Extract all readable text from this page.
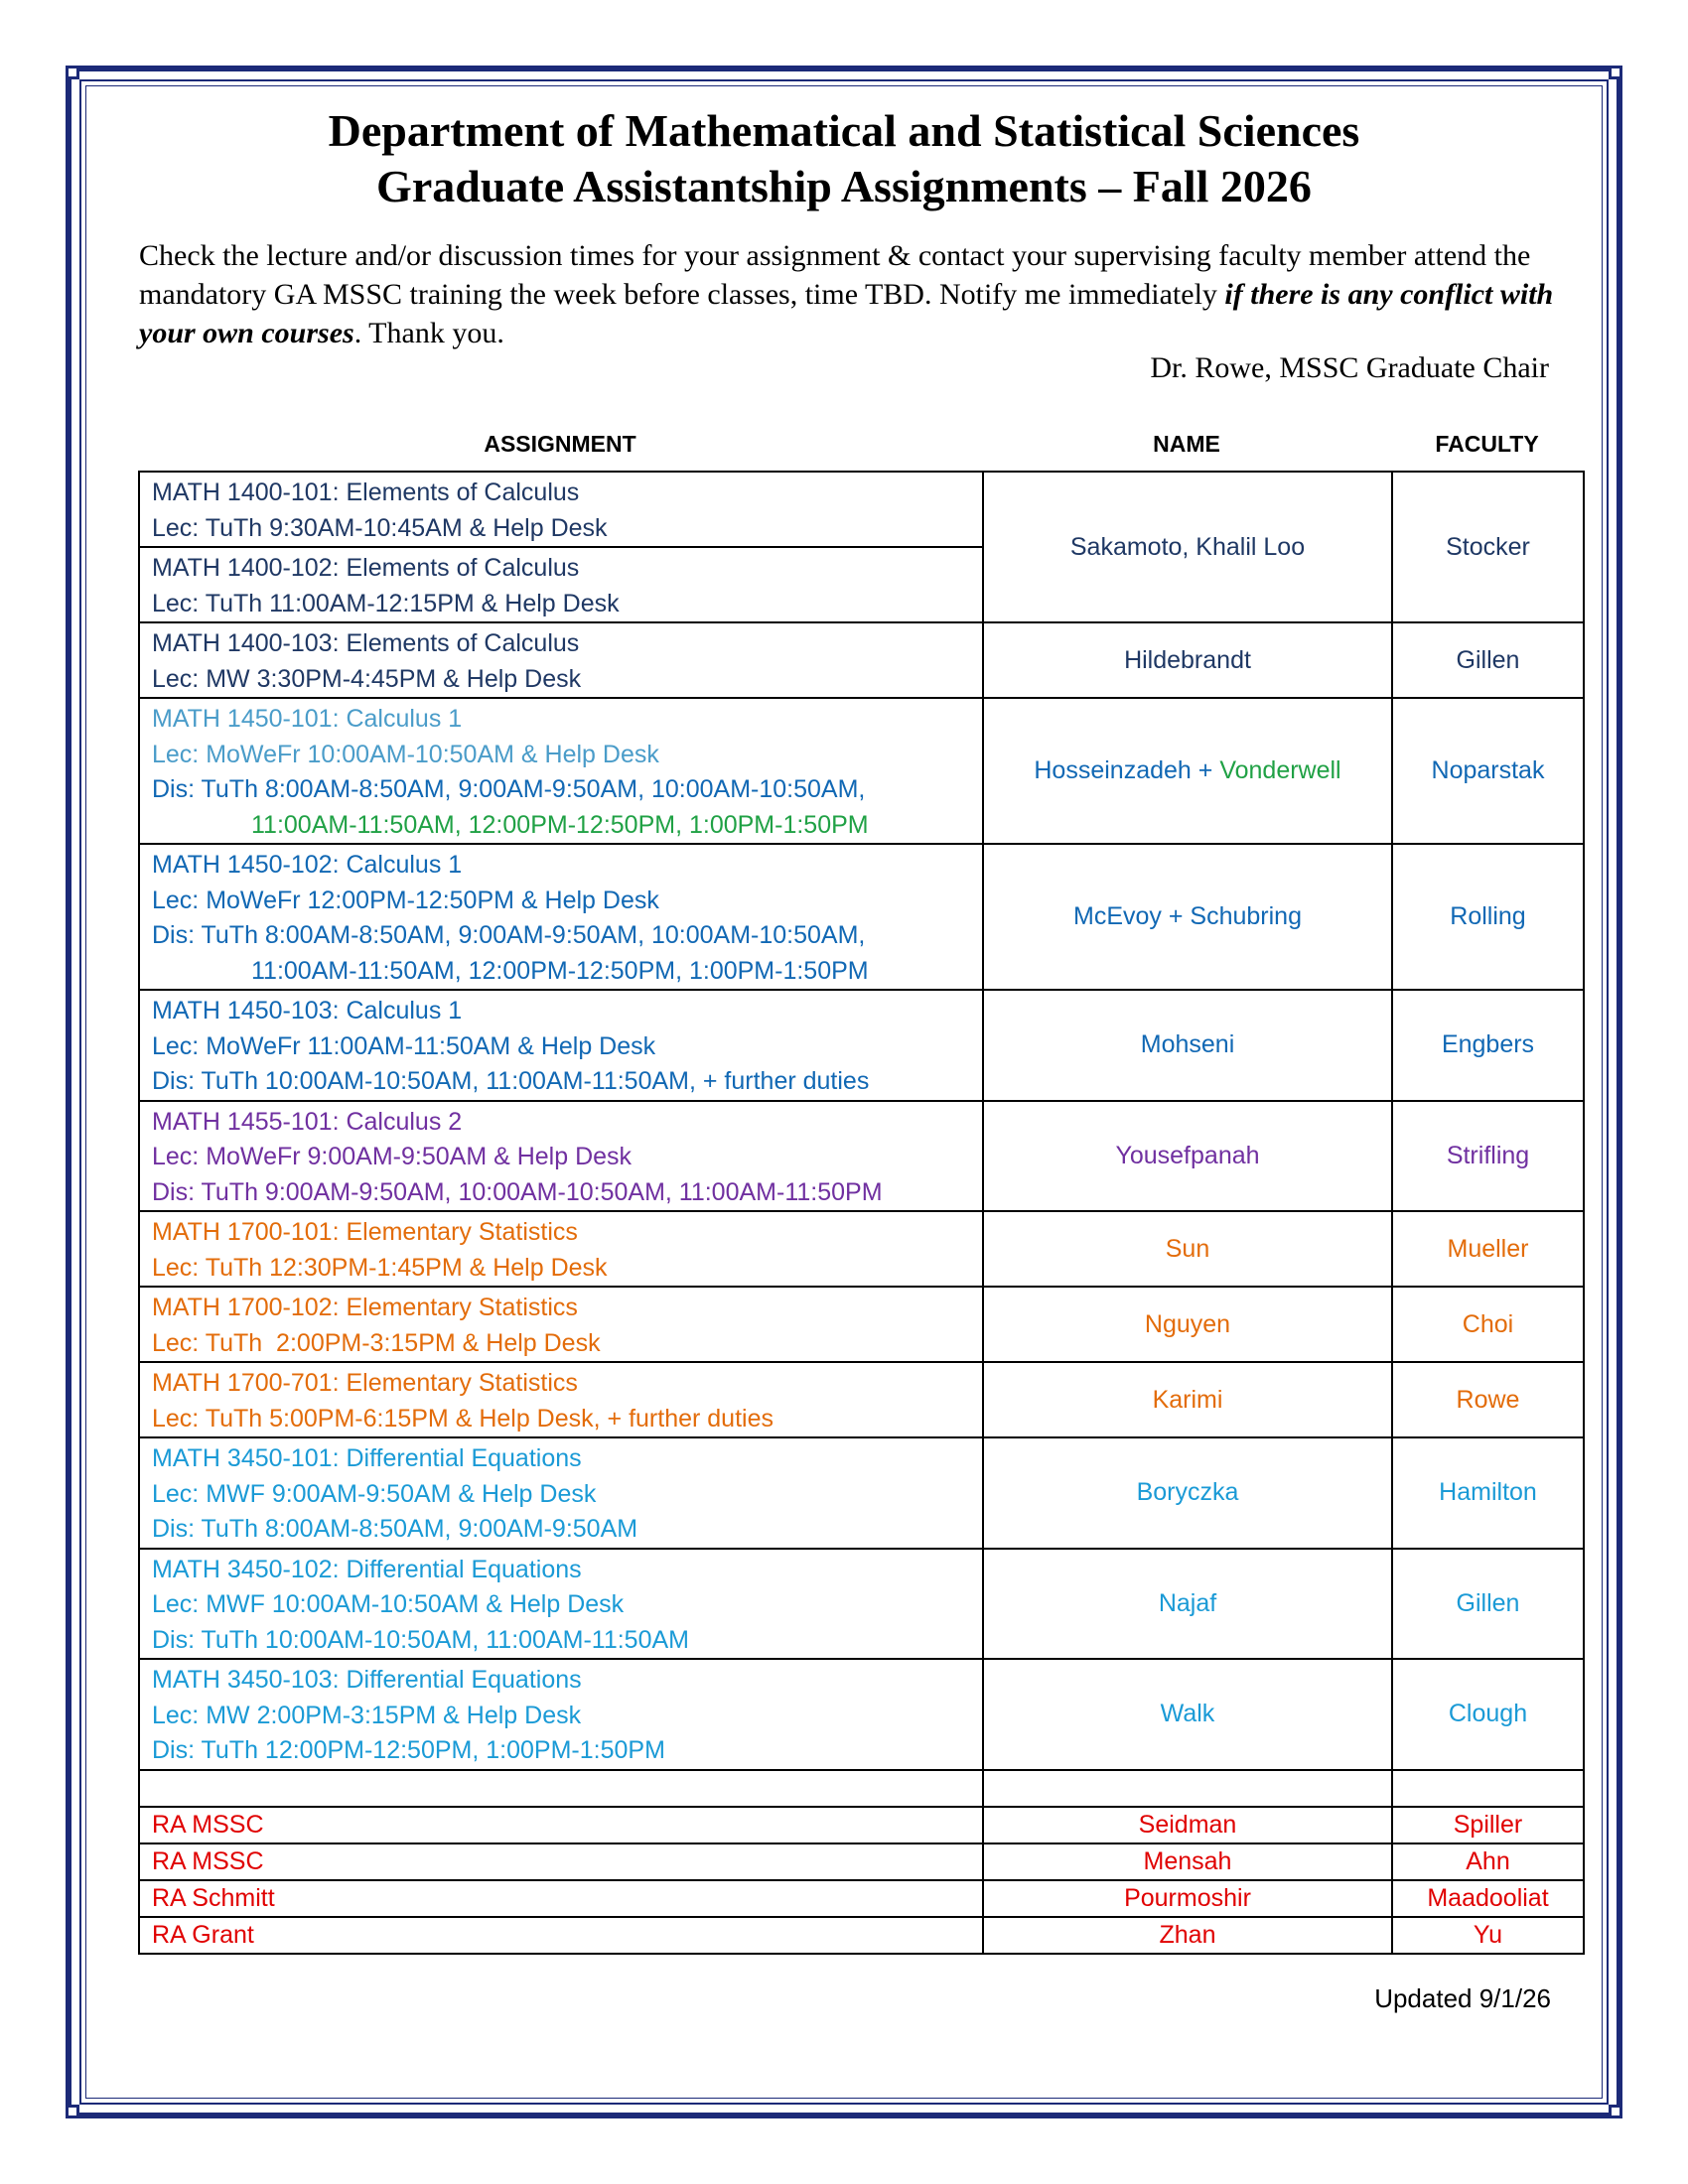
Department of Mathematical and Statistical Sciences
Graduate Assistantship Assignments – Fall 2026
Check the lecture and/or discussion times for your assignment & contact your supervising faculty member attend the mandatory GA MSSC training the week before classes, time TBD. Notify me immediately if there is any conflict with your own courses. Thank you.
Dr. Rowe, MSSC Graduate Chair
ASSIGNMENT	NAME	FACULTY
MATH 1400-101: Elements of Calculus
Lec: TuTh 9:30AM-10:45AM & Help Desk	Sakamoto, Khalil Loo	Stocker

MATH 1400-102: Elements of Calculus
Lec: TuTh 11:00AM-12:15PM & Help Desk		

MATH 1400-103: Elements of Calculus
Lec: MW 3:30PM-4:45PM & Help Desk	Hildebrandt	Gillen

MATH 1450-101: Calculus 1
Lec: MoWeFr 10:00AM-10:50AM & Help Desk
Dis: TuTh 8:00AM-8:50AM, 9:00AM-9:50AM, 10:00AM-10:50AM,
11:00AM-11:50AM, 12:00PM-12:50PM, 1:00PM-1:50PM	Hosseinzadeh + Vonderwell	Noparstak

MATH 1450-102: Calculus 1
Lec: MoWeFr 12:00PM-12:50PM & Help Desk
Dis: TuTh 8:00AM-8:50AM, 9:00AM-9:50AM, 10:00AM-10:50AM,
11:00AM-11:50AM, 12:00PM-12:50PM, 1:00PM-1:50PM	McEvoy + Schubring	Rolling

MATH 1450-103: Calculus 1
Lec: MoWeFr 11:00AM-11:50AM & Help Desk
Dis: TuTh 10:00AM-10:50AM, 11:00AM-11:50AM, + further duties	Mohseni	Engbers

MATH 1455-101: Calculus 2
Lec: MoWeFr 9:00AM-9:50AM & Help Desk
Dis: TuTh 9:00AM-9:50AM, 10:00AM-10:50AM, 11:00AM-11:50PM	Yousefpanah	Strifling

MATH 1700-101: Elementary Statistics
Lec: TuTh 12:30PM-1:45PM & Help Desk	Sun	Mueller

MATH 1700-102: Elementary Statistics
Lec: TuTh  2:00PM-3:15PM & Help Desk	Nguyen	Choi

MATH 1700-701: Elementary Statistics
Lec: TuTh 5:00PM-6:15PM & Help Desk, + further duties	Karimi	Rowe

MATH 3450-101: Differential Equations
Lec: MWF 9:00AM-9:50AM & Help Desk
Dis: TuTh 8:00AM-8:50AM, 9:00AM-9:50AM	Boryczka	Hamilton

MATH 3450-102: Differential Equations
Lec: MWF 10:00AM-10:50AM & Help Desk
Dis: TuTh 10:00AM-10:50AM, 11:00AM-11:50AM	Najaf	Gillen

MATH 3450-103: Differential Equations
Lec: MW 2:00PM-3:15PM & Help Desk
Dis: TuTh 12:00PM-12:50PM, 1:00PM-1:50PM	Walk	Clough

RA MSSC	Seidman	Spiller
RA MSSC	Mensah	Ahn
RA Schmitt	Pourmoshir	Maadooliat
RA Grant	Zhan	Yu
Updated 9/1/26
